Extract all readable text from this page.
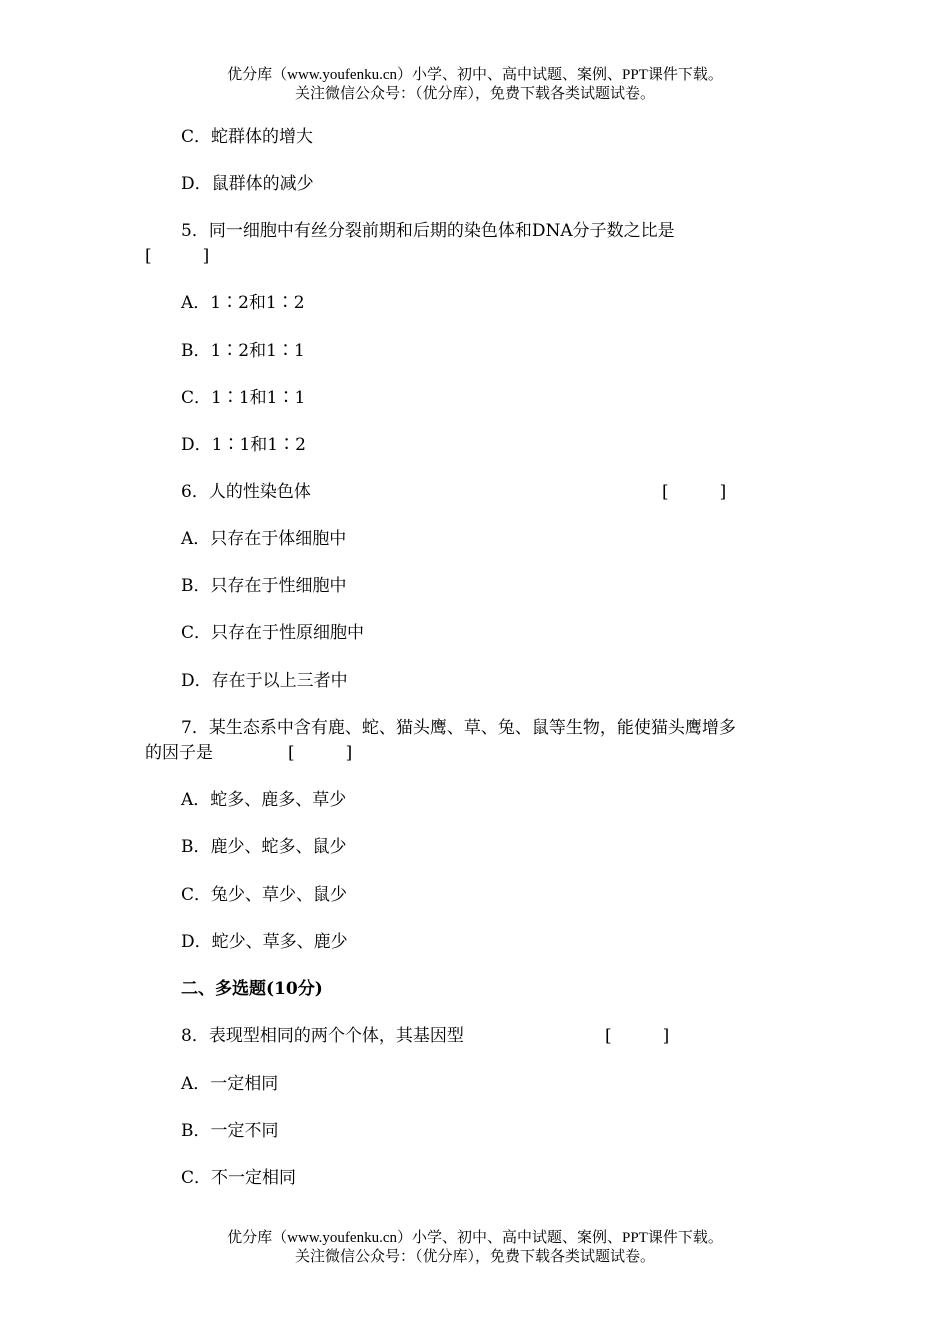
优分库（www.youfenku.cn）小学、初中、高中试题、案例、PPT课件下载。
关注微信公众号：（优分库），免费下载各类试题试卷。
C．蛇群体的增大
D．鼠群体的减少
5．同一细胞中有丝分裂前期和后期的染色体和DNA分子数之比是
[　　　]
A．1∶2和1∶2
B．1∶2和1∶1
C．1∶1和1∶1
D．1∶1和1∶2
6．人的性染色体	[　　　]
A．只存在于体细胞中
B．只存在于性细胞中
C．只存在于性原细胞中
D．存在于以上三者中
7．某生态系中含有鹿、蛇、猫头鹰、草、兔、鼠等生物，能使猫头鹰增多
的因子是	[　　　]
A．蛇多、鹿多、草少
B．鹿少、蛇多、鼠少
C．兔少、草少、鼠少
D．蛇少、草多、鹿少
二、多选题(10分)
8．表现型相同的两个个体，其基因型	[　　　]
A．一定相同
B．一定不同
C．不一定相同
优分库（www.youfenku.cn）小学、初中、高中试题、案例、PPT课件下载。
关注微信公众号：（优分库），免费下载各类试题试卷。
